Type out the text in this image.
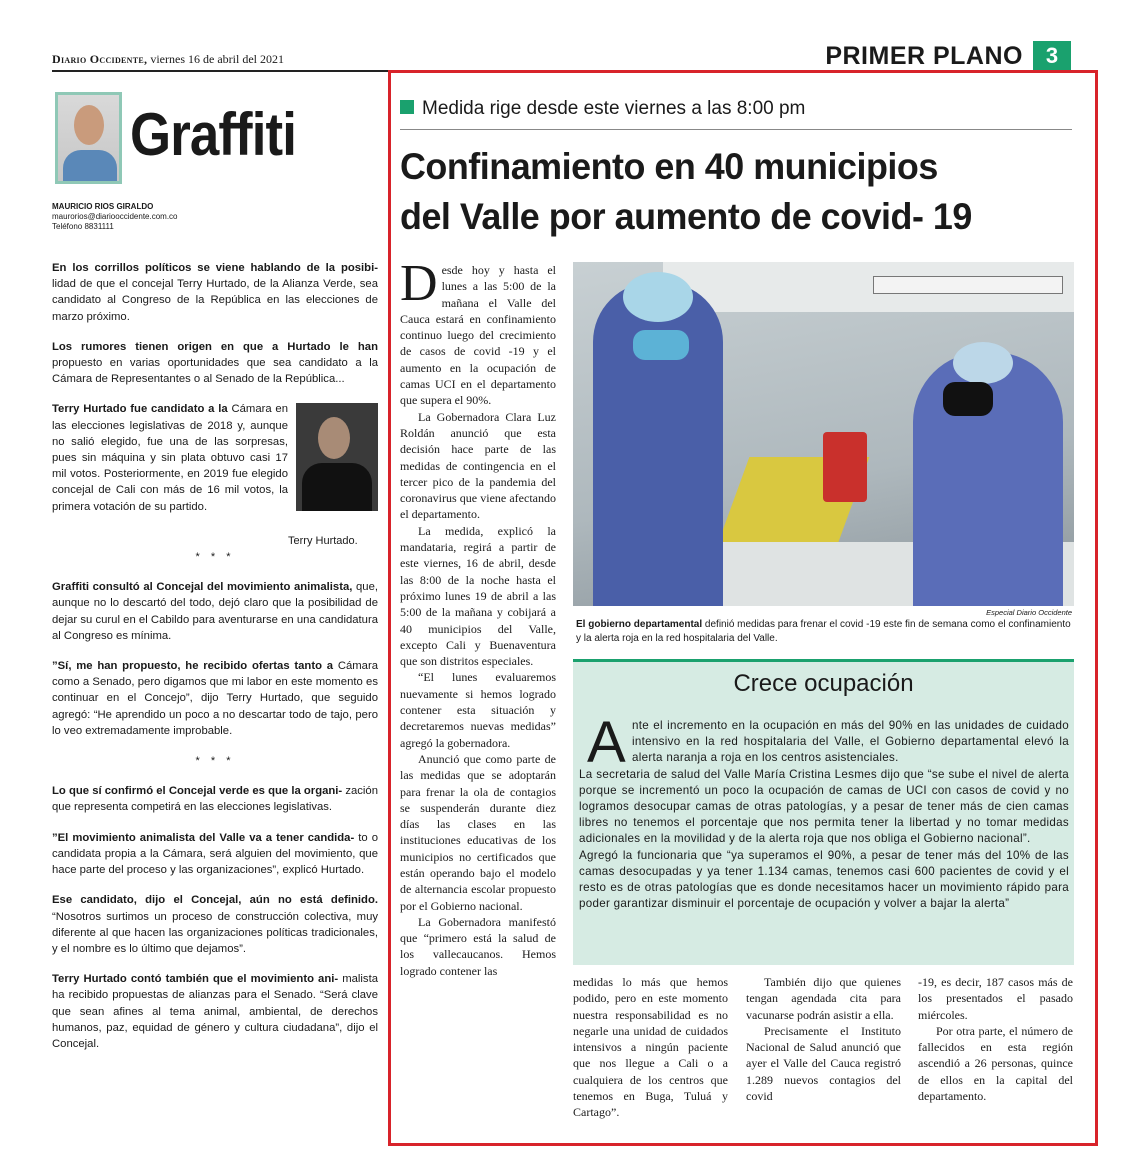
Diario Occidente, viernes 16 de abril del 2021	PRIMER PLANO	3
Graffiti
MAURICIO RIOS GIRALDO
maurorios@diariooccidente.com.co
Teléfono 8831111

En los corrillos políticos se viene hablando de la posibi- lidad de que el concejal Terry Hurtado, de la Alianza Verde, sea candidato al Congreso de la República en las elecciones de marzo próximo.

Los rumores tienen origen en que a Hurtado le han propuesto en varias oportunidades que sea candidato a la Cámara de Representantes o al Senado de la República...

Terry Hurtado fue candidato a la Cámara en las elecciones legislativas de 2018 y, aunque no salió elegido, fue una de las sorpresas, pues sin máquina y sin plata obtuvo casi 17 mil votos. Posteriormente, en 2019 fue elegido concejal de Cali con más de 16 mil votos, la primera votación de su partido.

Terry Hurtado.
* * *

Graffiti consultó al Concejal del movimiento animalista, que, aunque no lo descartó del todo, dejó claro que la posibilidad de dejar su curul en el Cabildo para aventurarse en una candidatura al Congreso es mínima.

”Sí, me han propuesto, he recibido ofertas tanto a Cámara como a Senado, pero digamos que mi labor en este momento es continuar en el Concejo”, dijo Terry Hurtado, que seguido agregó: “He aprendido un poco a no descartar todo de tajo, pero lo veo extremadamente improbable.

* * *

Lo que sí confirmó el Concejal verde es que la organi- zación que representa competirá en las elecciones legislativas.

”El movimiento animalista del Valle va a tener candida- to o candidata propia a la Cámara, será alguien del movimiento, que hace parte del proceso y las organizaciones”, explicó Hurtado.

Ese candidato, dijo el Concejal, aún no está definido. “Nosotros surtimos un proceso de construcción colectiva, muy diferente al que hacen las organizaciones políticas tradicionales, y el nombre es lo último que dejamos”.

Terry Hurtado contó también que el movimiento ani- malista ha recibido propuestas de alianzas para el Senado. “Será clave que sean afines al tema animal, ambiental, de derechos humanos, paz, equidad de género y cultura ciudadana”, dijo el Concejal.

Medida rige desde este viernes a las 8:00 pm
Confinamiento en 40 municipios
del Valle por aumento de covid- 19

Desde hoy y hasta el lunes a las 5:00 de la mañana el Valle del Cauca estará en confinamiento continuo luego del crecimiento de casos de covid -19 y el aumento en la ocupación de camas UCI en el departamento que supera el 90%.

La Gobernadora Clara Luz Roldán anunció que esta decisión hace parte de las medidas de contingencia en el tercer pico de la pandemia del coronavirus que viene afectando el departamento.

La medida, explicó la mandataria, regirá a partir de este viernes, 16 de abril, desde las 8:00 de la noche hasta el próximo lunes 19 de abril a las 5:00 de la mañana y cobijará a 40 municipios del Valle, excepto Cali y Buenaventura que son distritos especiales.

“El lunes evaluaremos nuevamente si hemos logrado contener esta situación y decretaremos nuevas medidas” agregó la gobernadora.

Anunció que como parte de las medidas que se adoptarán para frenar la ola de contagios se suspenderán durante diez días las clases en las instituciones educativas de los municipios no certificados que están operando bajo el modelo de alternancia escolar propuesto por el Gobierno nacional.

La Gobernadora manifestó que “primero está la salud de los vallecaucanos. Hemos logrado contener las

Especial Diario Occidente
El gobierno departamental definió medidas para frenar el covid -19 este fin de semana como el confinamiento y la alerta roja en la red hospitalaria del Valle.
Crece ocupación

Ante el incremento en la ocupación en más del 90% en las unidades de cuidado intensivo en la red hospitalaria del Valle, el Gobierno departamental elevó la alerta naranja a roja en los centros asistenciales.

La secretaria de salud del Valle María Cristina Lesmes dijo que “se sube el nivel de alerta porque se incrementó un poco la ocupación de camas de UCI con casos de covid y no logramos desocupar camas de otras patologías, y a pesar de tener más de cien camas libres no tenemos el porcentaje que nos permita tener la libertad y no tomar medidas adicionales en la movilidad y de la alerta roja que nos obliga el Gobierno nacional”.

Agregó la funcionaria que “ya superamos el 90%, a pesar de tener más del 10% de las camas desocupadas y ya tener 1.134 camas, tenemos casi 600 pacientes de covid y el resto es de otras patologías que es donde necesitamos hacer un movimiento rápido para poder garantizar disminuir el porcentaje de ocupación y volver a bajar la alerta”

medidas lo más que hemos podido, pero en este momento nuestra responsabilidad es no negarle una unidad de cuidados intensivos a ningún paciente que nos llegue a Cali o a cualquiera de los centros que tenemos en Buga, Tuluá y Cartago”.

También dijo que quienes tengan agendada cita para vacunarse podrán asistir a ella.

Precisamente el Instituto Nacional de Salud anunció que ayer el Valle del Cauca registró 1.289 nuevos contagios del covid

-19, es decir, 187 casos más de los presentados el pasado miércoles.

Por otra parte, el número de fallecidos en esta región ascendió a 26 personas, quince de ellos en la capital del departamento.
